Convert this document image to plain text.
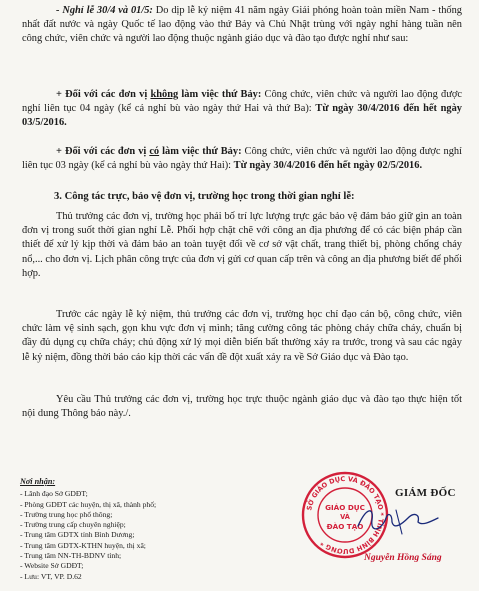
- Nghỉ lễ 30/4 và 01/5: Do dịp lễ kỷ niệm 41 năm ngày Giải phóng hoàn toàn miền Nam - thống nhất đất nước và ngày Quốc tế lao động vào thứ Bảy và Chủ Nhật trùng với ngày nghỉ hàng tuần nên công chức, viên chức và người lao động thuộc ngành giáo dục và đào tạo được nghỉ như sau:

+ Đối với các đơn vị không làm việc thứ Bảy: Công chức, viên chức và người lao động được nghỉ liên tục 04 ngày (kể cả nghỉ bù vào ngày thứ Hai và thứ Ba): Từ ngày 30/4/2016 đến hết ngày 03/5/2016.

+ Đối với các đơn vị có làm việc thứ Bảy: Công chức, viên chức và người lao động được nghỉ liên tục 03 ngày (kể cả nghỉ bù vào ngày thứ Hai): Từ ngày 30/4/2016 đến hết ngày 02/5/2016.

3. Công tác trực, bảo vệ đơn vị, trường học trong thời gian nghỉ lễ:

Thủ trưởng các đơn vị, trường học phải bố trí lực lượng trực gác bảo vệ đảm bảo giữ gìn an toàn đơn vị trong suốt thời gian nghỉ Lễ. Phối hợp chặt chẽ với công an địa phương để có các biện pháp cần thiết để xử lý kịp thời và đảm bảo an toàn tuyệt đối về cơ sở vật chất, trang thiết bị, phòng chống cháy nổ,... cho đơn vị. Lịch phân công trực của đơn vị gửi cơ quan cấp trên và công an địa phương biết để phối hợp.

Trước các ngày lễ kỷ niệm, thủ trưởng các đơn vị, trường học chỉ đạo cán bộ, công chức, viên chức làm vệ sinh sạch, gọn khu vực đơn vị mình; tăng cường công tác phòng cháy chữa cháy, chuẩn bị đầy đủ dụng cụ chữa cháy; chủ động xử lý mọi diễn biến bất thường xảy ra trước, trong và sau các ngày lễ kỷ niệm, đồng thời báo cáo kịp thời các vấn đề đột xuất xảy ra về Sở Giáo dục và Đào tạo.

Yêu cầu Thủ trưởng các đơn vị, trường học trực thuộc ngành giáo dục và đào tạo thực hiện tốt nội dung Thông báo này./.

Nơi nhận:
- Lãnh đạo Sở GDĐT;
- Phòng GDĐT các huyện, thị xã, thành phố;
- Trường trung học phổ thông;
- Trường trung cấp chuyên nghiệp;
- Trung tâm GDTX tỉnh Bình Dương;
- Trung tâm GDTX-KTHN huyện, thị xã;
- Trung tâm NN-TH-BDNV tỉnh;
- Website Sở GDĐT;
- Lưu: VT, VP. D.62
SỞ GIÁO DỤC VÀ ĐÀO TẠO * TỈNH BÌNH DƯƠNG *
GIÁO DỤC
VÀ
ĐÀO TẠO
GIÁM ĐỐC
Nguyễn Hồng Sáng
